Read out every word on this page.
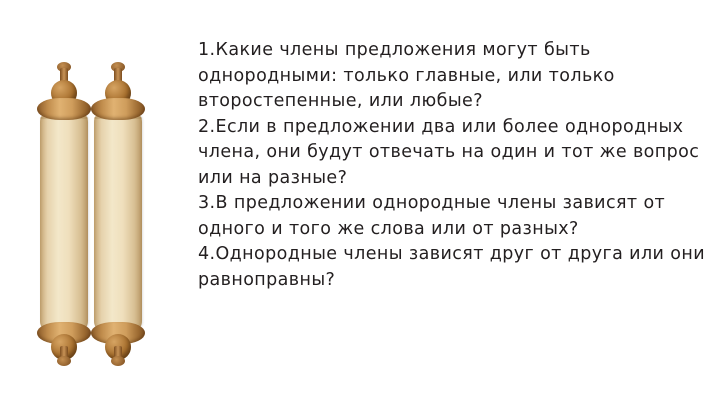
1.Какие члены предложения могут быть однородными: только главные, или только второстепенные, или любые?

2.Если в предложении два или более однородных члена, они будут отвечать на один и тот же вопрос или на разные?

3.В предложении однородные члены зависят от одного и того же слова или от разных?

4.Однородные члены зависят друг от друга или они равноправны?
